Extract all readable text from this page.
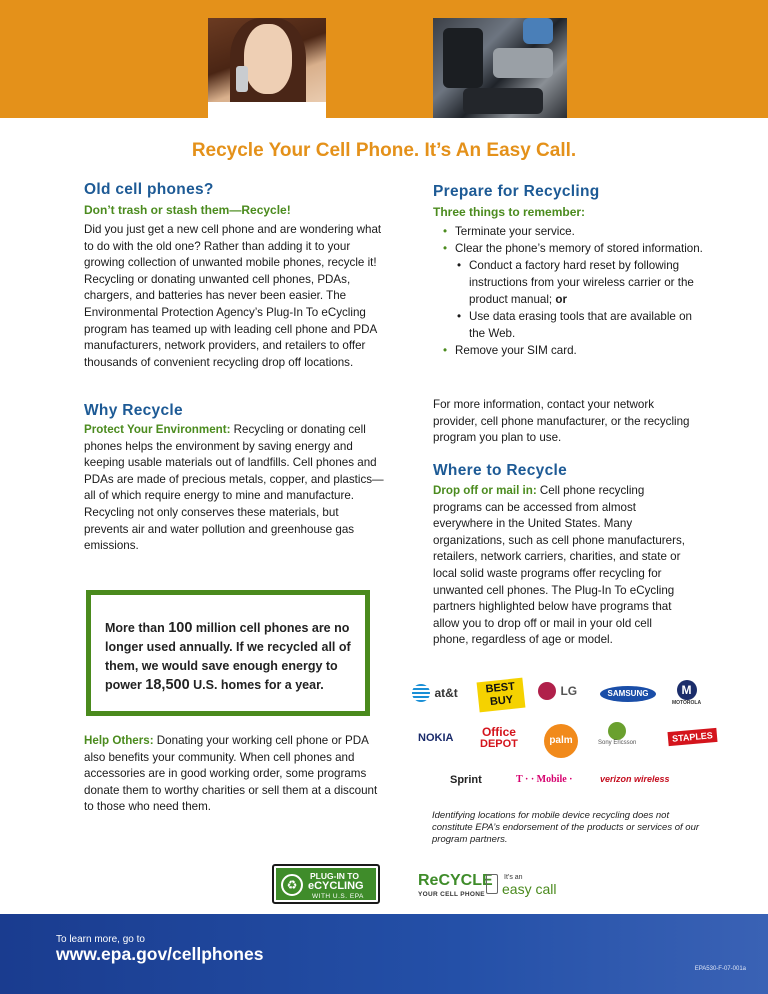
Recycle Your Cell Phone. It’s An Easy Call.
Old cell phones?
Don’t trash or stash them—Recycle!
Did you just get a new cell phone and are wondering what to do with the old one? Rather than adding it to your growing collection of unwanted mobile phones, recycle it! Recycling or donating unwanted cell phones, PDAs, chargers, and batteries has never been easier. The Environmental Protection Agency’s Plug-In To eCycling program has teamed up with leading cell phone and PDA manufacturers, network providers, and retailers to offer thousands of convenient recycling drop off locations.
Why Recycle
Protect Your Environment: Recycling or donating cell phones helps the environment by saving energy and keeping usable materials out of landfills. Cell phones and PDAs are made of precious metals, copper, and plastics—all of which require energy to mine and manufacture. Recycling not only conserves these materials, but prevents air and water pollution and greenhouse gas emissions.
More than 100 million cell phones are no longer used annually. If we recycled all of them, we would save enough energy to power 18,500 U.S. homes for a year.
Help Others: Donating your working cell phone or PDA also benefits your community. When cell phones and accessories are in good working order, some programs donate them to worthy charities or sell them at a discount to those who need them.
Prepare for Recycling
Three things to remember:
• Terminate your service.
• Clear the phone’s memory of stored information.
• Conduct a factory hard reset by following instructions from your wireless carrier or the product manual; or
• Use data erasing tools that are available on the Web.
• Remove your SIM card.
For more information, contact your network provider, cell phone manufacturer, or the recycling program you plan to use.
Where to Recycle
Drop off or mail in: Cell phone recycling programs can be accessed from almost everywhere in the United States. Many organizations, such as cell phone manufacturers, retailers, network carriers, charities, and state or local solid waste programs offer recycling for unwanted cell phones. The Plug-In To eCycling partners highlighted below have programs that allow you to drop off or mail in your old cell phone, regardless of age or model.
at&t	BEST
BUY
LG	SAMSUNG	M
MOTOROLA
NOKIA Office
DEPOT	palm	Sony Ericsson	STAPLES
Sprint	T · · Mobile ·	verizon wireless
Identifying locations for mobile device recycling does not constitute EPA’s endorsement of the products or services of our program partners.
♻
PLUG-IN TO
eCYCLING
WITH U.S. EPA
ReCYCLE
YOUR CELL PHONE
It’s an
easy call
To learn more, go to
www.epa.gov/cellphones
EPA530-F-07-001a
